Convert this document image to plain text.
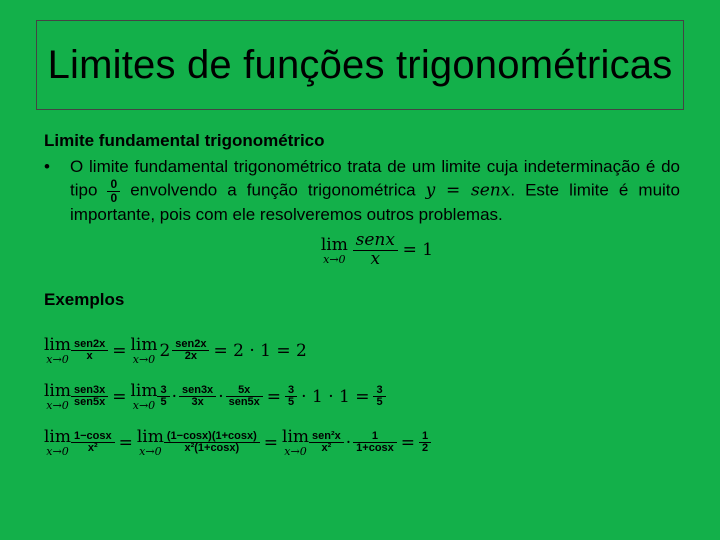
Limites de funções trigonométricas

Limite fundamental trigonométrico

• O limite fundamental trigonométrico trata de um limite cuja indeterminação é do tipo $\frac{0}{0}$ envolvendo a função trigonométrica y = senx. Este limite é muito importante, pois com ele resolveremos outros problemas.
lim
x→0
$\frac{\text{senx}}{x} = 1$

Exemplos

lim
$x\to 0 \frac{\text{sen2x}}{x} = \lim$
x→0 $2 \frac{\text{sen2x}}{2x} = 2 \cdot 1 = 2$
lim
$x\to 0 \frac{\text{sen3x}}{\text{sen5x}} = \lim$
$x\to 0 \frac{3}{5} \cdot \frac{\text{sen3x}}{3x} \cdot \frac{5x}{\text{sen5x}} = \frac{3}{5} \cdot 1 \cdot 1 = \frac{3}{5}$
lim
$x\to 0 \frac{1-\cos x}{\text{x²}} = \lim$
$x\to 0 \frac{(1-\cos x)(1+\cos x)}{\text{x²(1+cosx)}} = \lim$
$x\to 0 \frac{\text{sen²x}}{\text{x²}} \cdot \frac{1}{1+\cos x} = \frac{1}{2}$
